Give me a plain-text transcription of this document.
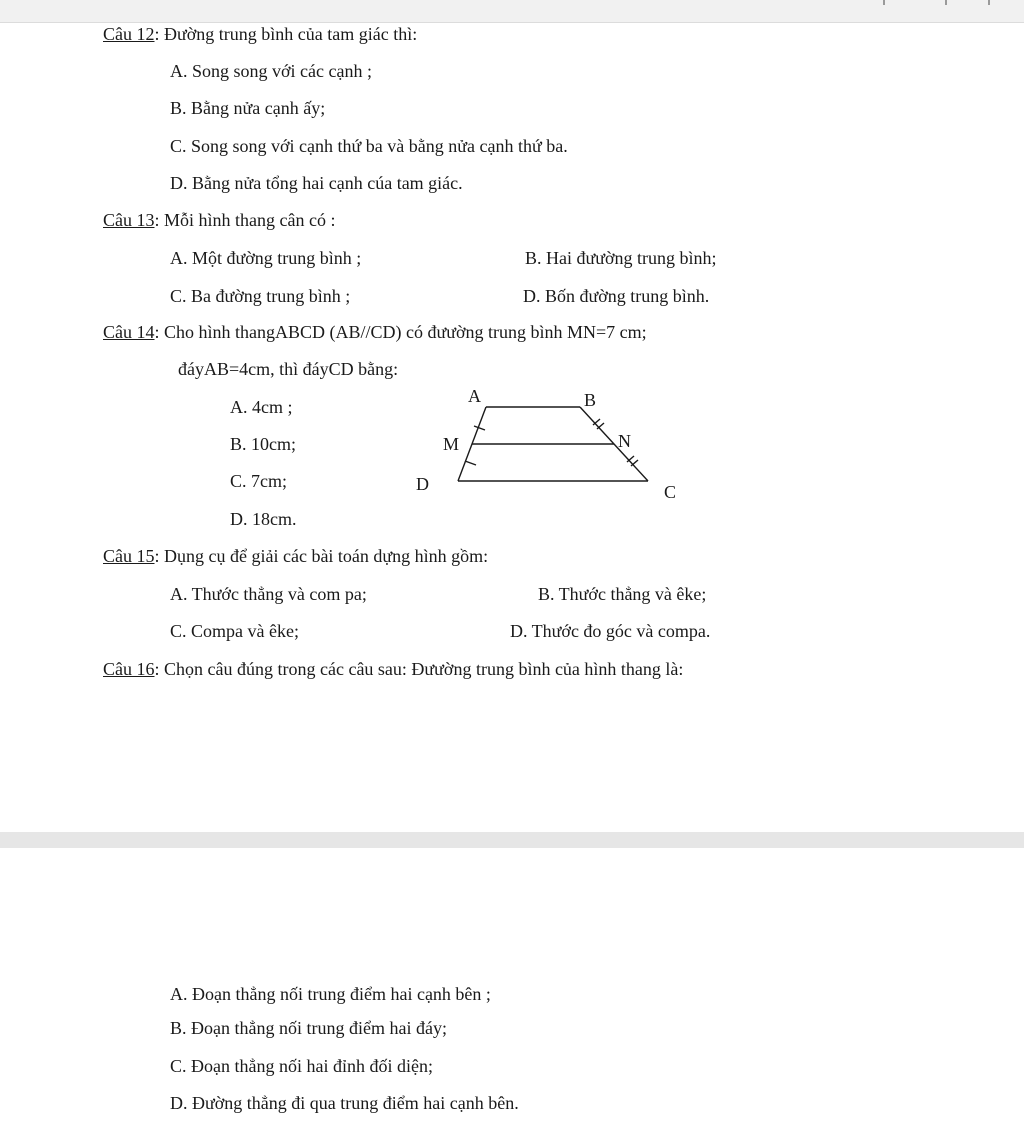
Câu 12: Đường trung bình của tam giác thì:
A. Song song với các cạnh ;
B. Bằng nửa cạnh ấy;
C. Song song với cạnh thứ ba và bằng nửa cạnh thứ ba.
D. Bằng nửa tổng hai cạnh cúa tam giác.
Câu 13: Mỗi hình thang cân có :
A. Một đường trung bình ;	B. Hai đưường trung bình;
C. Ba đường trung bình ;	D. Bốn đường trung bình.
Câu 14: Cho hình thangABCD (AB//CD) có đưường trung bình MN=7 cm;
đáyAB=4cm, thì đáyCD bằng:
A. 4cm ;
B. 10cm;
C. 7cm;
D. 18cm.
A	B
M	N
D	C
Câu 15: Dụng cụ để giải các bài toán dựng hình gồm:
A. Thước thẳng và com pa;	B. Thước thẳng và êke;
C. Compa và êke;	D. Thước đo góc và compa.
Câu 16: Chọn câu đúng trong các câu sau: Đưường trung bình của hình thang là:
A. Đoạn thẳng nối trung điểm hai cạnh bên ;
B. Đoạn thẳng nối trung điểm hai đáy;
C. Đoạn thẳng nối hai đỉnh đối diện;
D. Đường thẳng đi qua trung điểm hai cạnh bên.
